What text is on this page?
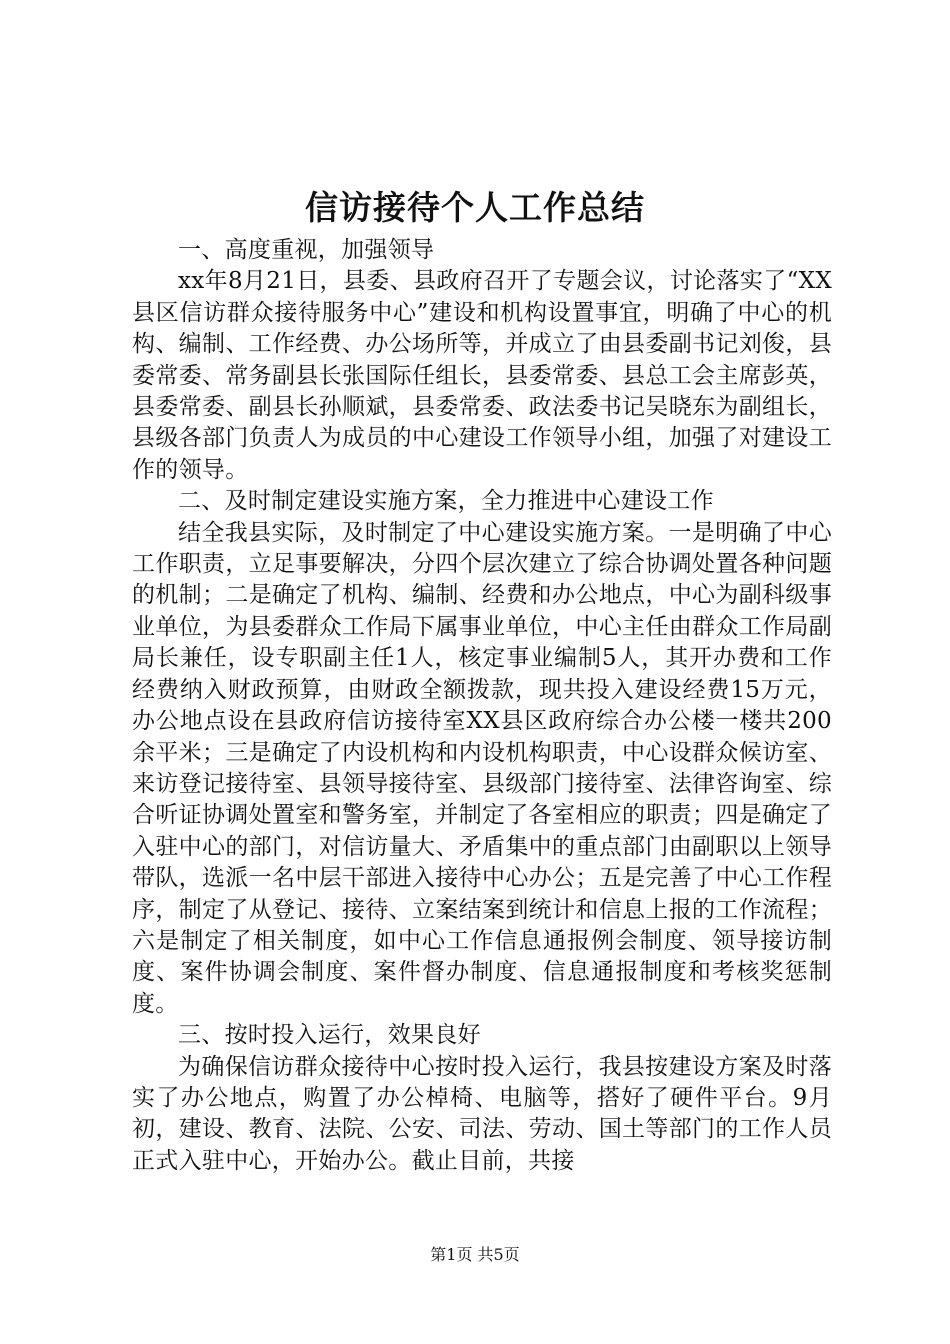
信访接待个人工作总结

一、高度重视，加强领导

xx年8月21日，县委、县政府召开了专题会议，讨论落实了“XX县区信访群众接待服务中心”建设和机构设置事宜，明确了中心的机构、编制、工作经费、办公场所等，并成立了由县委副书记刘俊，县委常委、常务副县长张国际任组长，县委常委、县总工会主席彭英，县委常委、副县长孙顺斌，县委常委、政法委书记吴晓东为副组长，县级各部门负责人为成员的中心建设工作领导小组，加强了对建设工作的领导。

二、及时制定建设实施方案，全力推进中心建设工作

结全我县实际，及时制定了中心建设实施方案。一是明确了中心工作职责，立足事要解决，分四个层次建立了综合协调处置各种问题的机制；二是确定了机构、编制、经费和办公地点，中心为副科级事业单位，为县委群众工作局下属事业单位，中心主任由群众工作局副局长兼任，设专职副主任1人，核定事业编制5人，其开办费和工作经费纳入财政预算，由财政全额拨款，现共投入建设经费15万元，办公地点设在县政府信访接待室XX县区政府综合办公楼一楼共200余平米；三是确定了内设机构和内设机构职责，中心设群众候访室、来访登记接待室、县领导接待室、县级部门接待室、法律咨询室、综合听证协调处置室和警务室，并制定了各室相应的职责；四是确定了入驻中心的部门，对信访量大、矛盾集中的重点部门由副职以上领导带队，选派一名中层干部进入接待中心办公；五是完善了中心工作程序，制定了从登记、接待、立案结案到统计和信息上报的工作流程；六是制定了相关制度，如中心工作信息通报例会制度、领导接访制度、案件协调会制度、案件督办制度、信息通报制度和考核奖惩制度。

三、按时投入运行，效果良好

为确保信访群众接待中心按时投入运行，我县按建设方案及时落实了办公地点，购置了办公棹椅、电脑等，搭好了硬件平台。9月初，建设、教育、法院、公安、司法、劳动、国土等部门的工作人员正式入驻中心，开始办公。截止目前，共接

第1页 共5页
